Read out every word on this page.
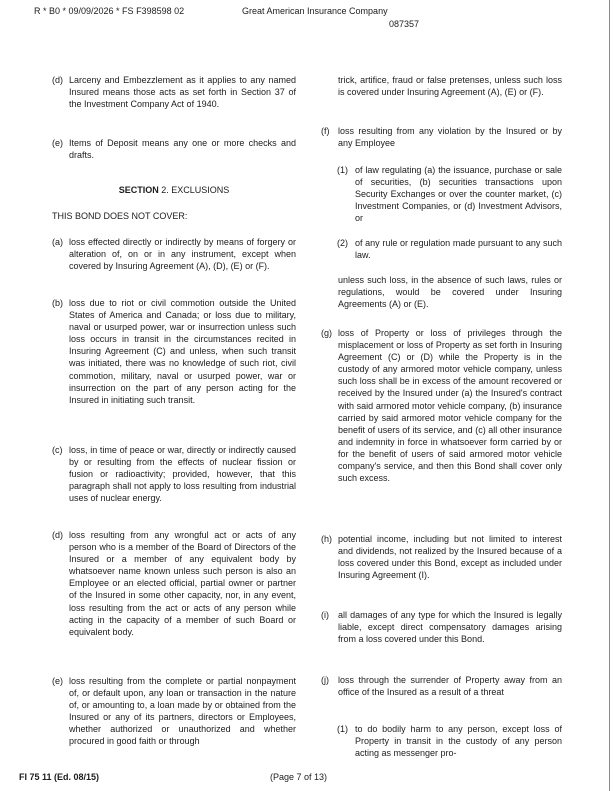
R * B0 * 09/09/2026 * FS F398598 02	Great American Insurance Company
087357
(d) Larceny and Embezzlement as it applies to any named Insured means those acts as set forth in Section 37 of the Investment Company Act of 1940.
(e) Items of Deposit means any one or more checks and drafts.
SECTION 2. EXCLUSIONS
THIS BOND DOES NOT COVER:
(a) loss effected directly or indirectly by means of forgery or alteration of, on or in any instrument, except when covered by Insuring Agreement (A), (D), (E) or (F).
(b) loss due to riot or civil commotion outside the United States of America and Canada; or loss due to military, naval or usurped power, war or insurrection unless such loss occurs in transit in the circumstances recited in Insuring Agreement (C) and unless, when such transit was initiated, there was no knowledge of such riot, civil commotion, military, naval or usurped power, war or insurrection on the part of any person acting for the Insured in initiating such transit.
(c) loss, in time of peace or war, directly or indirectly caused by or resulting from the effects of nuclear fission or fusion or radioactivity; provided, however, that this paragraph shall not apply to loss resulting from industrial uses of nuclear energy.
(d) loss resulting from any wrongful act or acts of any person who is a member of the Board of Directors of the Insured or a member of any equivalent body by whatsoever name known unless such person is also an Employee or an elected official, partial owner or partner of the Insured in some other capacity, nor, in any event, loss resulting from the act or acts of any person while acting in the capacity of a member of such Board or equivalent body.
(e) loss resulting from the complete or partial nonpayment of, or default upon, any loan or transaction in the nature of, or amounting to, a loan made by or obtained from the Insured or any of its partners, directors or Employees, whether authorized or unauthorized and whether procured in good faith or through
trick, artifice, fraud or false pretenses, unless such loss is covered under Insuring Agreement (A), (E) or (F).
(f) loss resulting from any violation by the Insured or by any Employee
(1) of law regulating (a) the issuance, purchase or sale of securities, (b) securities transactions upon Security Exchanges or over the counter market, (c) Investment Companies, or (d) Investment Advisors, or
(2) of any rule or regulation made pursuant to any such law.
unless such loss, in the absence of such laws, rules or regulations, would be covered under Insuring Agreements (A) or (E).
(g) loss of Property or loss of privileges through the misplacement or loss of Property as set forth in Insuring Agreement (C) or (D) while the Property is in the custody of any armored motor vehicle company, unless such loss shall be in excess of the amount recovered or received by the Insured under (a) the Insured's contract with said armored motor vehicle company, (b) insurance carried by said armored motor vehicle company for the benefit of users of its service, and (c) all other insurance and indemnity in force in whatsoever form carried by or for the benefit of users of said armored motor vehicle company's service, and then this Bond shall cover only such excess.
(h) potential income, including but not limited to interest and dividends, not realized by the Insured because of a loss covered under this Bond, except as included under Insuring Agreement (I).
(i)	all damages of any type for which the Insured is legally liable, except direct compensatory damages arising from a loss covered under this Bond.
(j)	loss through the surrender of Property away from an office of the Insured as a result of a threat
(1) to do bodily harm to any person, except loss of Property in transit in the custody of any person acting as messenger pro-
FI 75 11 (Ed. 08/15)	(Page 7 of 13)
